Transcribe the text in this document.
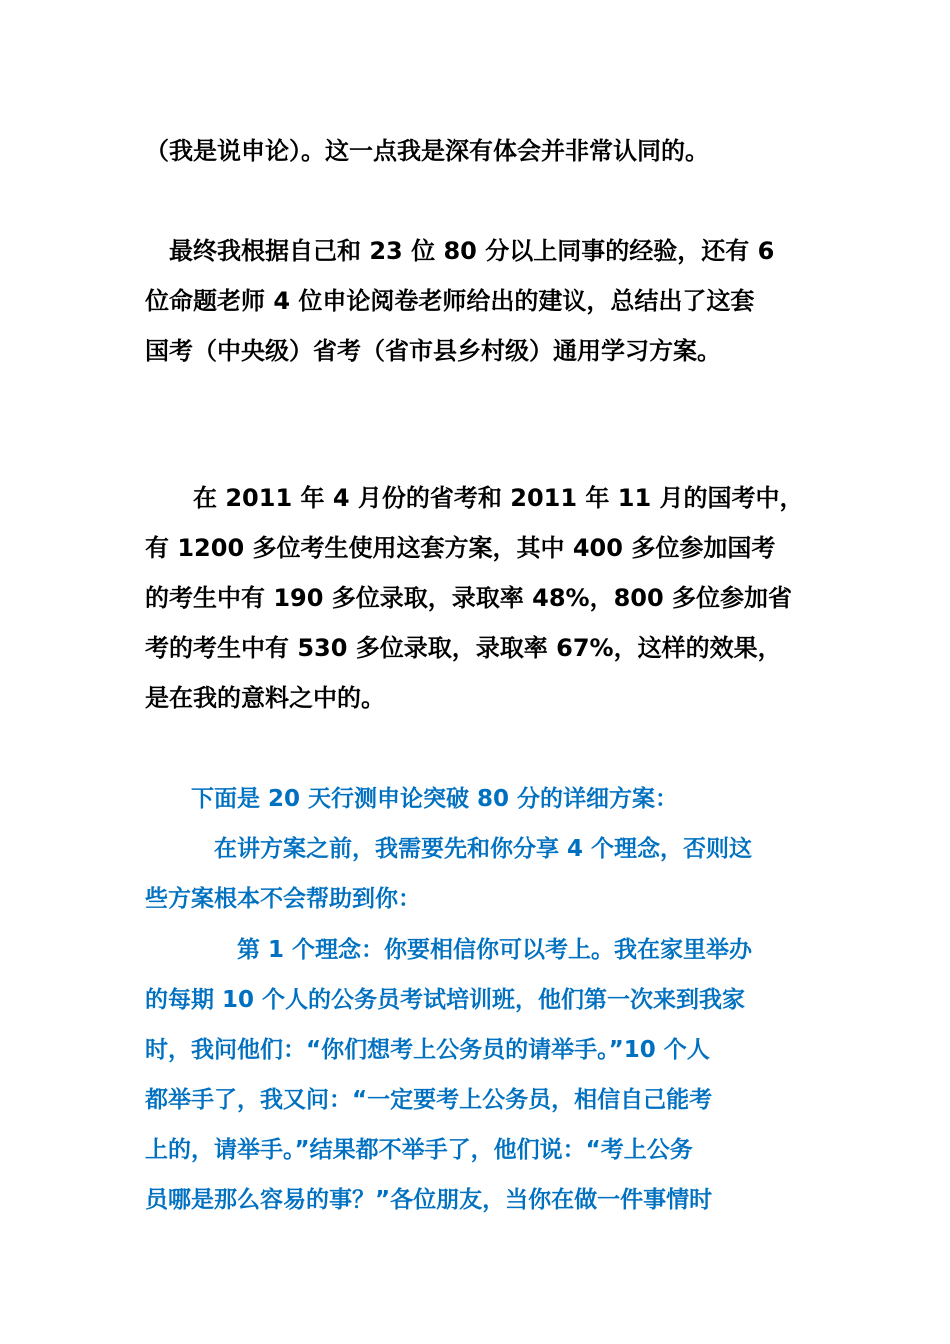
（我是说申论）。这一点我是深有体会并非常认同的。

　最终我根据自己和 23 位 80 分以上同事的经验，还有 6
位命题老师 4 位申论阅卷老师给出的建议，总结出了这套
国考（中央级）省考（省市县乡村级）通用学习方案。

　　在 2011 年 4 月份的省考和 2011 年 11 月的国考中，
有 1200 多位考生使用这套方案，其中 400 多位参加国考
的考生中有 190 多位录取，录取率 48%，800 多位参加省
考的考生中有 530 多位录取，录取率 67%，这样的效果，
是在我的意料之中的。

　　下面是 20 天行测申论突破 80 分的详细方案：

　　　在讲方案之前，我需要先和你分享 4 个理念，否则这
些方案根本不会帮助到你：

　　　　第 1 个理念：你要相信你可以考上。我在家里举办
的每期 10 个人的公务员考试培训班，他们第一次来到我家
时，我问他们：“你们想考上公务员的请举手。”10 个人
都举手了，我又问：“一定要考上公务员，相信自己能考
上的，请举手。”结果都不举手了，他们说：“考上公务
员哪是那么容易的事？”各位朋友，当你在做一件事情时
